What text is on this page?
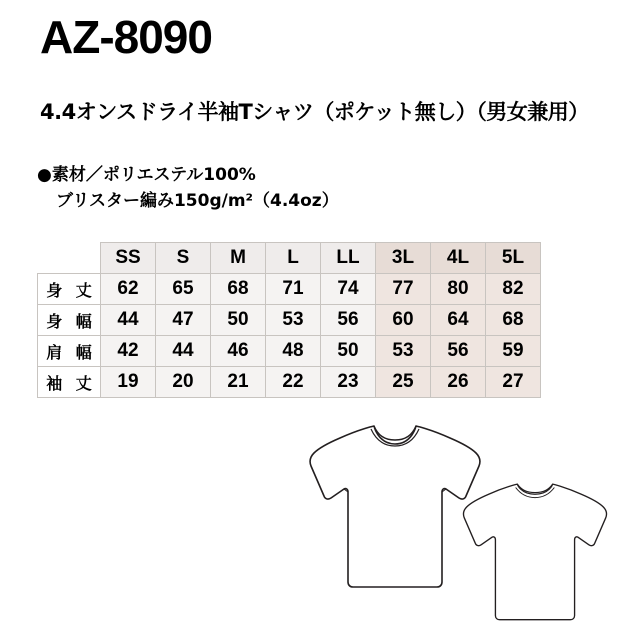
AZ-8090
4.4オンスドライ半袖Tシャツ（ポケット無し）（男女兼用）
●素材／ポリエステル100%
ブリスター編み150g/m²（4.4oz）
	SS	S	M	L	LL	3L	4L	5L
身 丈	62	65	68	71	74	77	80	82
身 幅	44	47	50	53	56	60	64	68
肩 幅	42	44	46	48	50	53	56	59
袖 丈	19	20	21	22	23	25	26	27
